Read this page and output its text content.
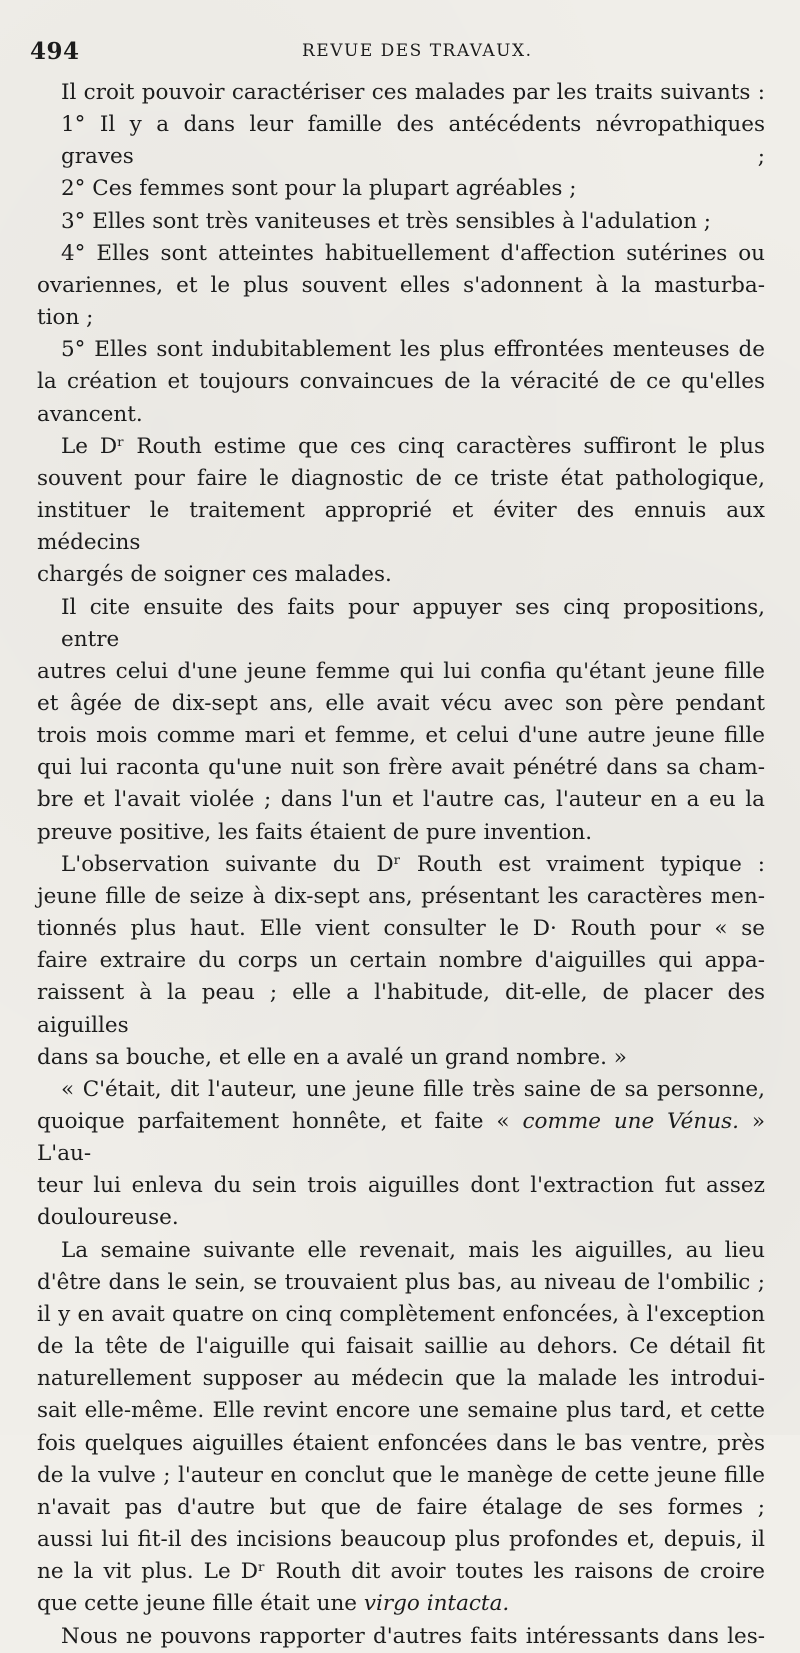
494	REVUE DES TRAVAUX.
Il croit pouvoir caractériser ces malades par les traits suivants :
1° Il y a dans leur famille des antécédents névropathiques graves ;
2° Ces femmes sont pour la plupart agréables ;
3° Elles sont très vaniteuses et très sensibles à l'adulation ;
4° Elles sont atteintes habituellement d'affection sutérines ou
ovariennes, et le plus souvent elles s'adonnent à la masturba-
tion ;
5° Elles sont indubitablement les plus effrontées menteuses de
la création et toujours convaincues de la véracité de ce qu'elles
avancent.
Le Dʳ Routh estime que ces cinq caractères suffiront le plus
souvent pour faire le diagnostic de ce triste état pathologique,
instituer le traitement approprié et éviter des ennuis aux médecins
chargés de soigner ces malades.
Il cite ensuite des faits pour appuyer ses cinq propositions, entre
autres celui d'une jeune femme qui lui confia qu'étant jeune fille
et âgée de dix-sept ans, elle avait vécu avec son père pendant
trois mois comme mari et femme, et celui d'une autre jeune fille
qui lui raconta qu'une nuit son frère avait pénétré dans sa cham-
bre et l'avait violée ; dans l'un et l'autre cas, l'auteur en a eu la
preuve positive, les faits étaient de pure invention.
L'observation suivante du Dʳ Routh est vraiment typique :
jeune fille de seize à dix-sept ans, présentant les caractères men-
tionnés plus haut. Elle vient consulter le D· Routh pour « se
faire extraire du corps un certain nombre d'aiguilles qui appa-
raissent à la peau ; elle a l'habitude, dit-elle, de placer des aiguilles
dans sa bouche, et elle en a avalé un grand nombre. »
« C'était, dit l'auteur, une jeune fille très saine de sa personne,
quoique parfaitement honnête, et faite « comme une Vénus. » L'au-
teur lui enleva du sein trois aiguilles dont l'extraction fut assez
douloureuse.
La semaine suivante elle revenait, mais les aiguilles, au lieu
d'être dans le sein, se trouvaient plus bas, au niveau de l'ombilic ;
il y en avait quatre on cinq complètement enfoncées, à l'exception
de la tête de l'aiguille qui faisait saillie au dehors. Ce détail fit
naturellement supposer au médecin que la malade les introdui-
sait elle-même. Elle revint encore une semaine plus tard, et cette
fois quelques aiguilles étaient enfoncées dans le bas ventre, près
de la vulve ; l'auteur en conclut que le manège de cette jeune fille
n'avait pas d'autre but que de faire étalage de ses formes ;
aussi lui fit-il des incisions beaucoup plus profondes et, depuis, il
ne la vit plus. Le Dʳ Routh dit avoir toutes les raisons de croire
que cette jeune fille était une virgo intacta.
Nous ne pouvons rapporter d'autres faits intéressants dans les-
